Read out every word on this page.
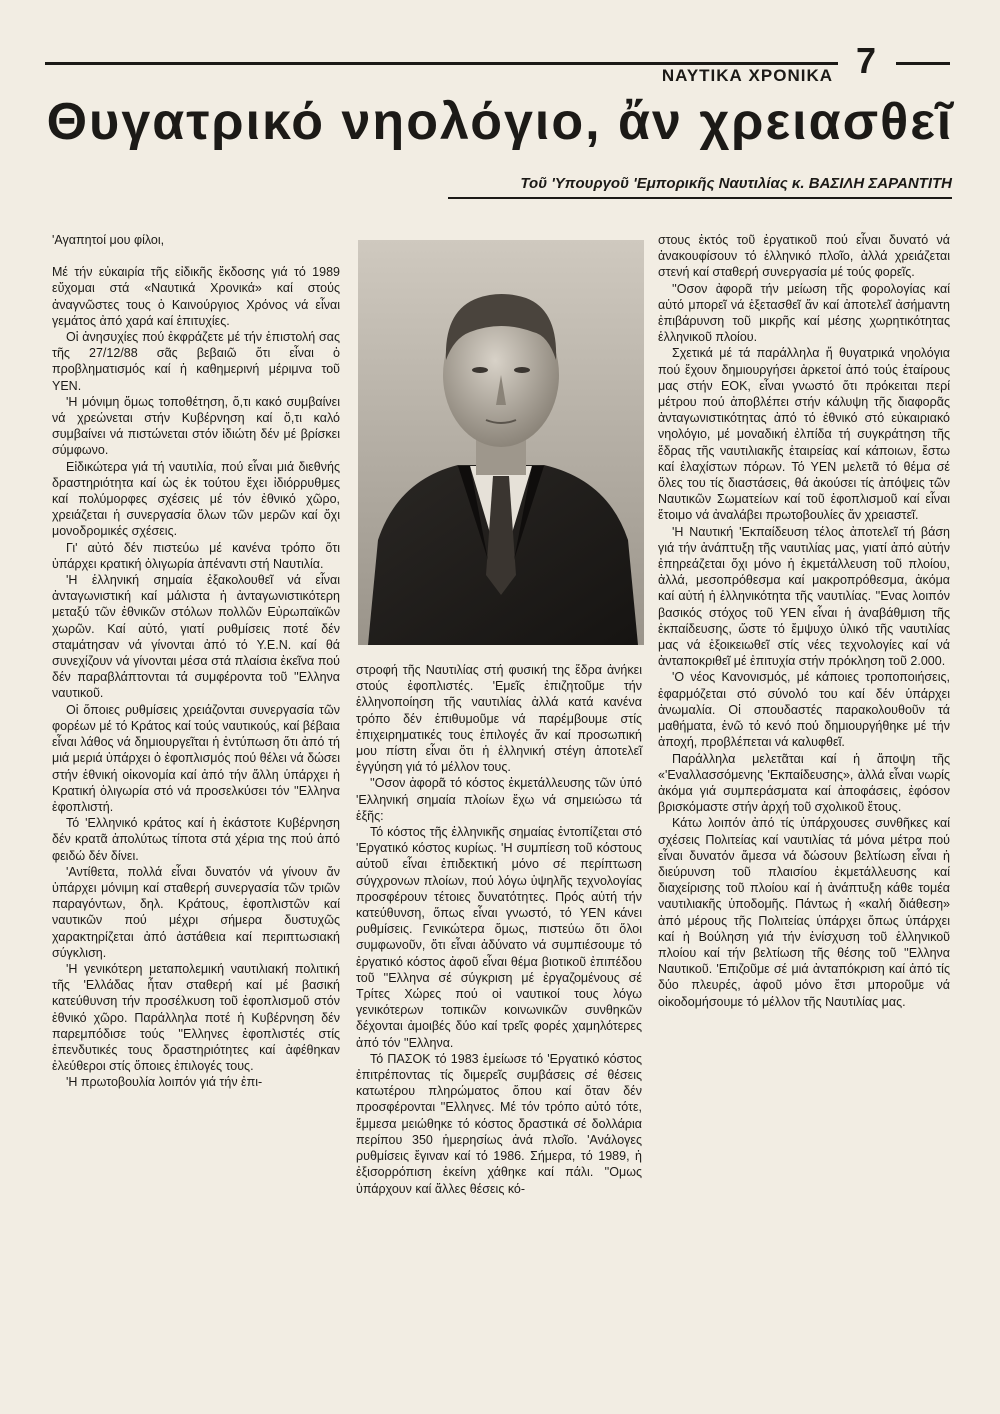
ΝΑΥΤΙΚΑ ΧΡΟΝΙΚΑ 7
Θυγατρικό νηολόγιο, ἄν χρειασθεῖ
Τοῦ 'Υπουργοῦ 'Εμπορικῆς Ναυτιλίας κ. ΒΑΣΙΛΗ ΣΑΡΑΝΤΙΤΗ

'Αγαπητοί μου φίλοι,

Μέ τήν εὐκαιρία τῆς εἰδικῆς ἔκδοσης γιά τό 1989 εὔχομαι στά «Ναυτικά Χρονικά» καί στούς ἀναγνῶστες τους ὁ Καινούργιος Χρόνος νά εἶναι γεμάτος ἀπό χαρά καί ἐπιτυχίες.

Οἱ ἀνησυχίες πού ἐκφράζετε μέ τήν ἐπιστολή σας τῆς 27/12/88 σᾶς βεβαιῶ ὅτι εἶναι ὁ προβληματισμός καί ἡ καθημερινή μέριμνα τοῦ ΥΕΝ.

'Η μόνιμη ὅμως τοποθέτηση, ὅ,τι κακό συμβαίνει νά χρεώνεται στήν Κυβέρνηση καί ὅ,τι καλό συμβαίνει νά πιστώνεται στόν ἰδιώτη δέν μέ βρίσκει σύμφωνο.

Εἰδικώτερα γιά τή ναυτιλία, πού εἶναι μιά διεθνής δραστηριότητα καί ὡς ἐκ τούτου ἔχει ἰδιόρρυθμες καί πολύμορφες σχέσεις μέ τόν ἐθνικό χῶρο, χρειάζεται ἡ συνεργασία ὅλων τῶν μερῶν καί ὄχι μονοδρομικές σχέσεις.

Γι' αὐτό δέν πιστεύω μέ κανένα τρόπο ὅτι ὑπάρχει κρατική ὀλιγωρία ἀπέναντι στή Ναυτιλία.

'Η ἑλληνική σημαία ἐξακολουθεῖ νά εἶναι ἀνταγωνιστική καί μάλιστα ἡ ἀνταγωνιστικότερη μεταξύ τῶν ἐθνικῶν στόλων πολλῶν Εὐρωπαϊκῶν χωρῶν. Καί αὐτό, γιατί ρυθμίσεις ποτέ δέν σταμάτησαν νά γίνονται ἀπό τό Υ.Ε.Ν. καί θά συνεχίζουν νά γίνονται μέσα στά πλαίσια ἐκεῖνα πού δέν παραβλάπτονται τά συμφέροντα τοῦ ''Ελληνα ναυτικοῦ.

Οἱ ὅποιες ρυθμίσεις χρειάζονται συνεργασία τῶν φορέων μέ τό Κράτος καί τούς ναυτικούς, καί βέβαια εἶναι λάθος νά δημιουργεῖται ἡ ἐντύπωση ὅτι ἀπό τή μιά μεριά ὑπάρχει ὁ ἐφοπλισμός πού θέλει νά δώσει στήν ἐθνική οἰκονομία καί ἀπό τήν ἄλλη ὑπάρχει ἡ Κρατική ὀλιγωρία στό νά προσελκύσει τόν ''Ελληνα ἐφοπλιστή.

Τό 'Ελληνικό κράτος καί ἡ ἑκάστοτε Κυβέρνηση δέν κρατᾶ ἀπολύτως τίποτα στά χέρια της πού ἀπό φειδώ δέν δίνει.

'Αντίθετα, πολλά εἶναι δυνατόν νά γίνουν ἄν ὑπάρχει μόνιμη καί σταθερή συνεργασία τῶν τριῶν παραγόντων, δηλ. Κράτους, ἐφοπλιστῶν καί ναυτικῶν πού μέχρι σήμερα δυστυχῶς χαρακτηρίζεται ἀπό ἀστάθεια καί περιπτωσιακή σύγκλιση.

'Η γενικότερη μεταπολεμική ναυτιλιακή πολιτική τῆς 'Ελλάδας ἦταν σταθερή καί μέ βασική κατεύθυνση τήν προσέλκυση τοῦ ἐφοπλισμοῦ στόν ἐθνικό χῶρο. Παράλληλα ποτέ ἡ Κυβέρνηση δέν παρεμπόδισε τούς ''Ελληνες ἐφοπλιστές στίς ἐπενδυτικές τους δραστηριότητες καί ἀφέθηκαν ἐλεύθεροι στίς ὅποιες ἐπιλογές τους.

'Η πρωτοβουλία λοιπόν γιά τήν ἐπι-

στροφή τῆς Ναυτιλίας στή φυσική της ἕδρα ἀνήκει στούς ἐφοπλιστές. 'Εμεῖς ἐπιζητοῦμε τήν ἑλληνοποίηση τῆς ναυτιλίας ἀλλά κατά κανένα τρόπο δέν ἐπιθυμοῦμε νά παρέμβουμε στίς ἐπιχειρηματικές τους ἐπιλογές ἄν καί προσωπική μου πίστη εἶναι ὅτι ἡ ἑλληνική στέγη ἀποτελεῖ ἐγγύηση γιά τό μέλλον τους.

''Οσον ἀφορᾶ τό κόστος ἐκμετάλλευσης τῶν ὑπό 'Ελληνική σημαία πλοίων ἔχω νά σημειώσω τά ἑξῆς:

Τό κόστος τῆς ἑλληνικῆς σημαίας ἐντοπίζεται στό 'Εργατικό κόστος κυρίως. 'Η συμπίεση τοῦ κόστους αὐτοῦ εἶναι ἐπιδεκτική μόνο σέ περίπτωση σύγχρονων πλοίων, πού λόγω ὑψηλῆς τεχνολογίας προσφέρουν τέτοιες δυνατότητες. Πρός αὐτή τήν κατεύθυνση, ὅπως εἶναι γνωστό, τό ΥΕΝ κάνει ρυθμίσεις. Γενικώτερα ὅμως, πιστεύω ὅτι ὅλοι συμφωνοῦν, ὅτι εἶναι ἀδύνατο νά συμπιέσουμε τό ἐργατικό κόστος ἀφοῦ εἶναι θέμα βιοτικοῦ ἐπιπέδου τοῦ ''Ελληνα σέ σύγκριση μέ ἐργαζομένους σέ Τρίτες Χώρες πού οἱ ναυτικοί τους λόγω γενικότερων τοπικῶν κοινωνικῶν συνθηκῶν δέχονται ἀμοιβές δύο καί τρεῖς φορές χαμηλότερες ἀπό τόν ''Ελληνα.

Τό ΠΑΣΟΚ τό 1983 ἐμείωσε τό 'Εργατικό κόστος ἐπιτρέποντας τίς διμερεῖς συμβάσεις σέ θέσεις κατωτέρου πληρώματος ὅπου καί ὅταν δέν προσφέρονται ''Ελληνες. Μέ τόν τρόπο αὐτό τότε, ἔμμεσα μειώθηκε τό κόστος δραστικά σέ δολλάρια περίπου 350 ἡμερησίως ἀνά πλοῖο. 'Ανάλογες ρυθμίσεις ἔγιναν καί τό 1986. Σήμερα, τό 1989, ἡ ἐξισορρόπιση ἐκείνη χάθηκε καί πάλι. ''Ομως ὑπάρχουν καί ἄλλες θέσεις κό-

στους ἐκτός τοῦ ἐργατικοῦ πού εἶναι δυνατό νά ἀνακουφίσουν τό ἑλληνικό πλοῖο, ἀλλά χρειάζεται στενή καί σταθερή συνεργασία μέ τούς φορεῖς.

''Οσον ἀφορᾶ τήν μείωση τῆς φορολογίας καί αὐτό μπορεῖ νά ἐξετασθεῖ ἄν καί ἀποτελεῖ ἀσήμαντη ἐπιβάρυνση τοῦ μικρῆς καί μέσης χωρητικότητας ἑλληνικοῦ πλοίου.

Σχετικά μέ τά παράλληλα ἤ θυγατρικά νηολόγια πού ἔχουν δημιουργήσει ἀρκετοί ἀπό τούς ἑταίρους μας στήν ΕΟΚ, εἶναι γνωστό ὅτι πρόκειται περί μέτρου πού ἀποβλέπει στήν κάλυψη τῆς διαφορᾶς ἀνταγωνιστικότητας ἀπό τό ἐθνικό στό εὐκαιριακό νηολόγιο, μέ μοναδική ἐλπίδα τή συγκράτηση τῆς ἕδρας τῆς ναυτιλιακῆς ἑταιρείας καί κάποιων, ἔστω καί ἐλαχίστων πόρων. Τό ΥΕΝ μελετᾶ τό θέμα σέ ὅλες του τίς διαστάσεις, θά ἀκούσει τίς ἀπόψεις τῶν Ναυτικῶν Σωματείων καί τοῦ ἐφοπλισμοῦ καί εἶναι ἕτοιμο νά ἀναλάβει πρωτοβουλίες ἄν χρειαστεῖ.

'Η Ναυτική 'Εκπαίδευση τέλος ἀποτελεῖ τή βάση γιά τήν ἀνάπτυξη τῆς ναυτιλίας μας, γιατί ἀπό αὐτήν ἐπηρεάζεται ὄχι μόνο ἡ ἐκμετάλλευση τοῦ πλοίου, ἀλλά, μεσοπρόθεσμα καί μακροπρόθεσμα, ἀκόμα καί αὐτή ἡ ἑλληνικότητα τῆς ναυτιλίας. ''Ενας λοιπόν βασικός στόχος τοῦ ΥΕΝ εἶναι ἡ ἀναβάθμιση τῆς ἐκπαίδευσης, ὥστε τό ἔμψυχο ὑλικό τῆς ναυτιλίας μας νά ἐξοικειωθεῖ στίς νέες τεχνολογίες καί νά ἀνταποκριθεῖ μέ ἐπιτυχία στήν πρόκληση τοῦ 2.000.

'Ο νέος Κανονισμός, μέ κάποιες τροποποιήσεις, ἐφαρμόζεται στό σύνολό του καί δέν ὑπάρχει ἀνωμαλία. Οἱ σπουδαστές παρακολουθοῦν τά μαθήματα, ἐνῶ τό κενό πού δημιουργήθηκε μέ τήν ἀποχή, προβλέπεται νά καλυφθεῖ.

Παράλληλα μελετᾶται καί ἡ ἄποψη τῆς «'Εναλλασσόμενης 'Εκπαίδευσης», ἀλλά εἶναι νωρίς ἀκόμα γιά συμπεράσματα καί ἀποφάσεις, ἐφόσον βρισκόμαστε στήν ἀρχή τοῦ σχολικοῦ ἔτους.

Κάτω λοιπόν ἀπό τίς ὑπάρχουσες συνθῆκες καί σχέσεις Πολιτείας καί ναυτιλίας τά μόνα μέτρα πού εἶναι δυνατόν ἄμεσα νά δώσουν βελτίωση εἶναι ἡ διεύρυνση τοῦ πλαισίου ἐκμετάλλευσης καί διαχείρισης τοῦ πλοίου καί ἡ ἀνάπτυξη κάθε τομέα ναυτιλιακῆς ὑποδομῆς. Πάντως ἡ «καλή διάθεση» ἀπό μέρους τῆς Πολιτείας ὑπάρχει ὅπως ὑπάρχει καί ἡ Βούληση γιά τήν ἐνίσχυση τοῦ ἑλληνικοῦ πλοίου καί τήν βελτίωση τῆς θέσης τοῦ ''Ελληνα Ναυτικοῦ. 'Επιζοῦμε σέ μιά ἀνταπόκριση καί ἀπό τίς δύο πλευρές, ἀφοῦ μόνο ἔτσι μποροῦμε νά οἰκοδομήσουμε τό μέλλον τῆς Ναυτιλίας μας.
